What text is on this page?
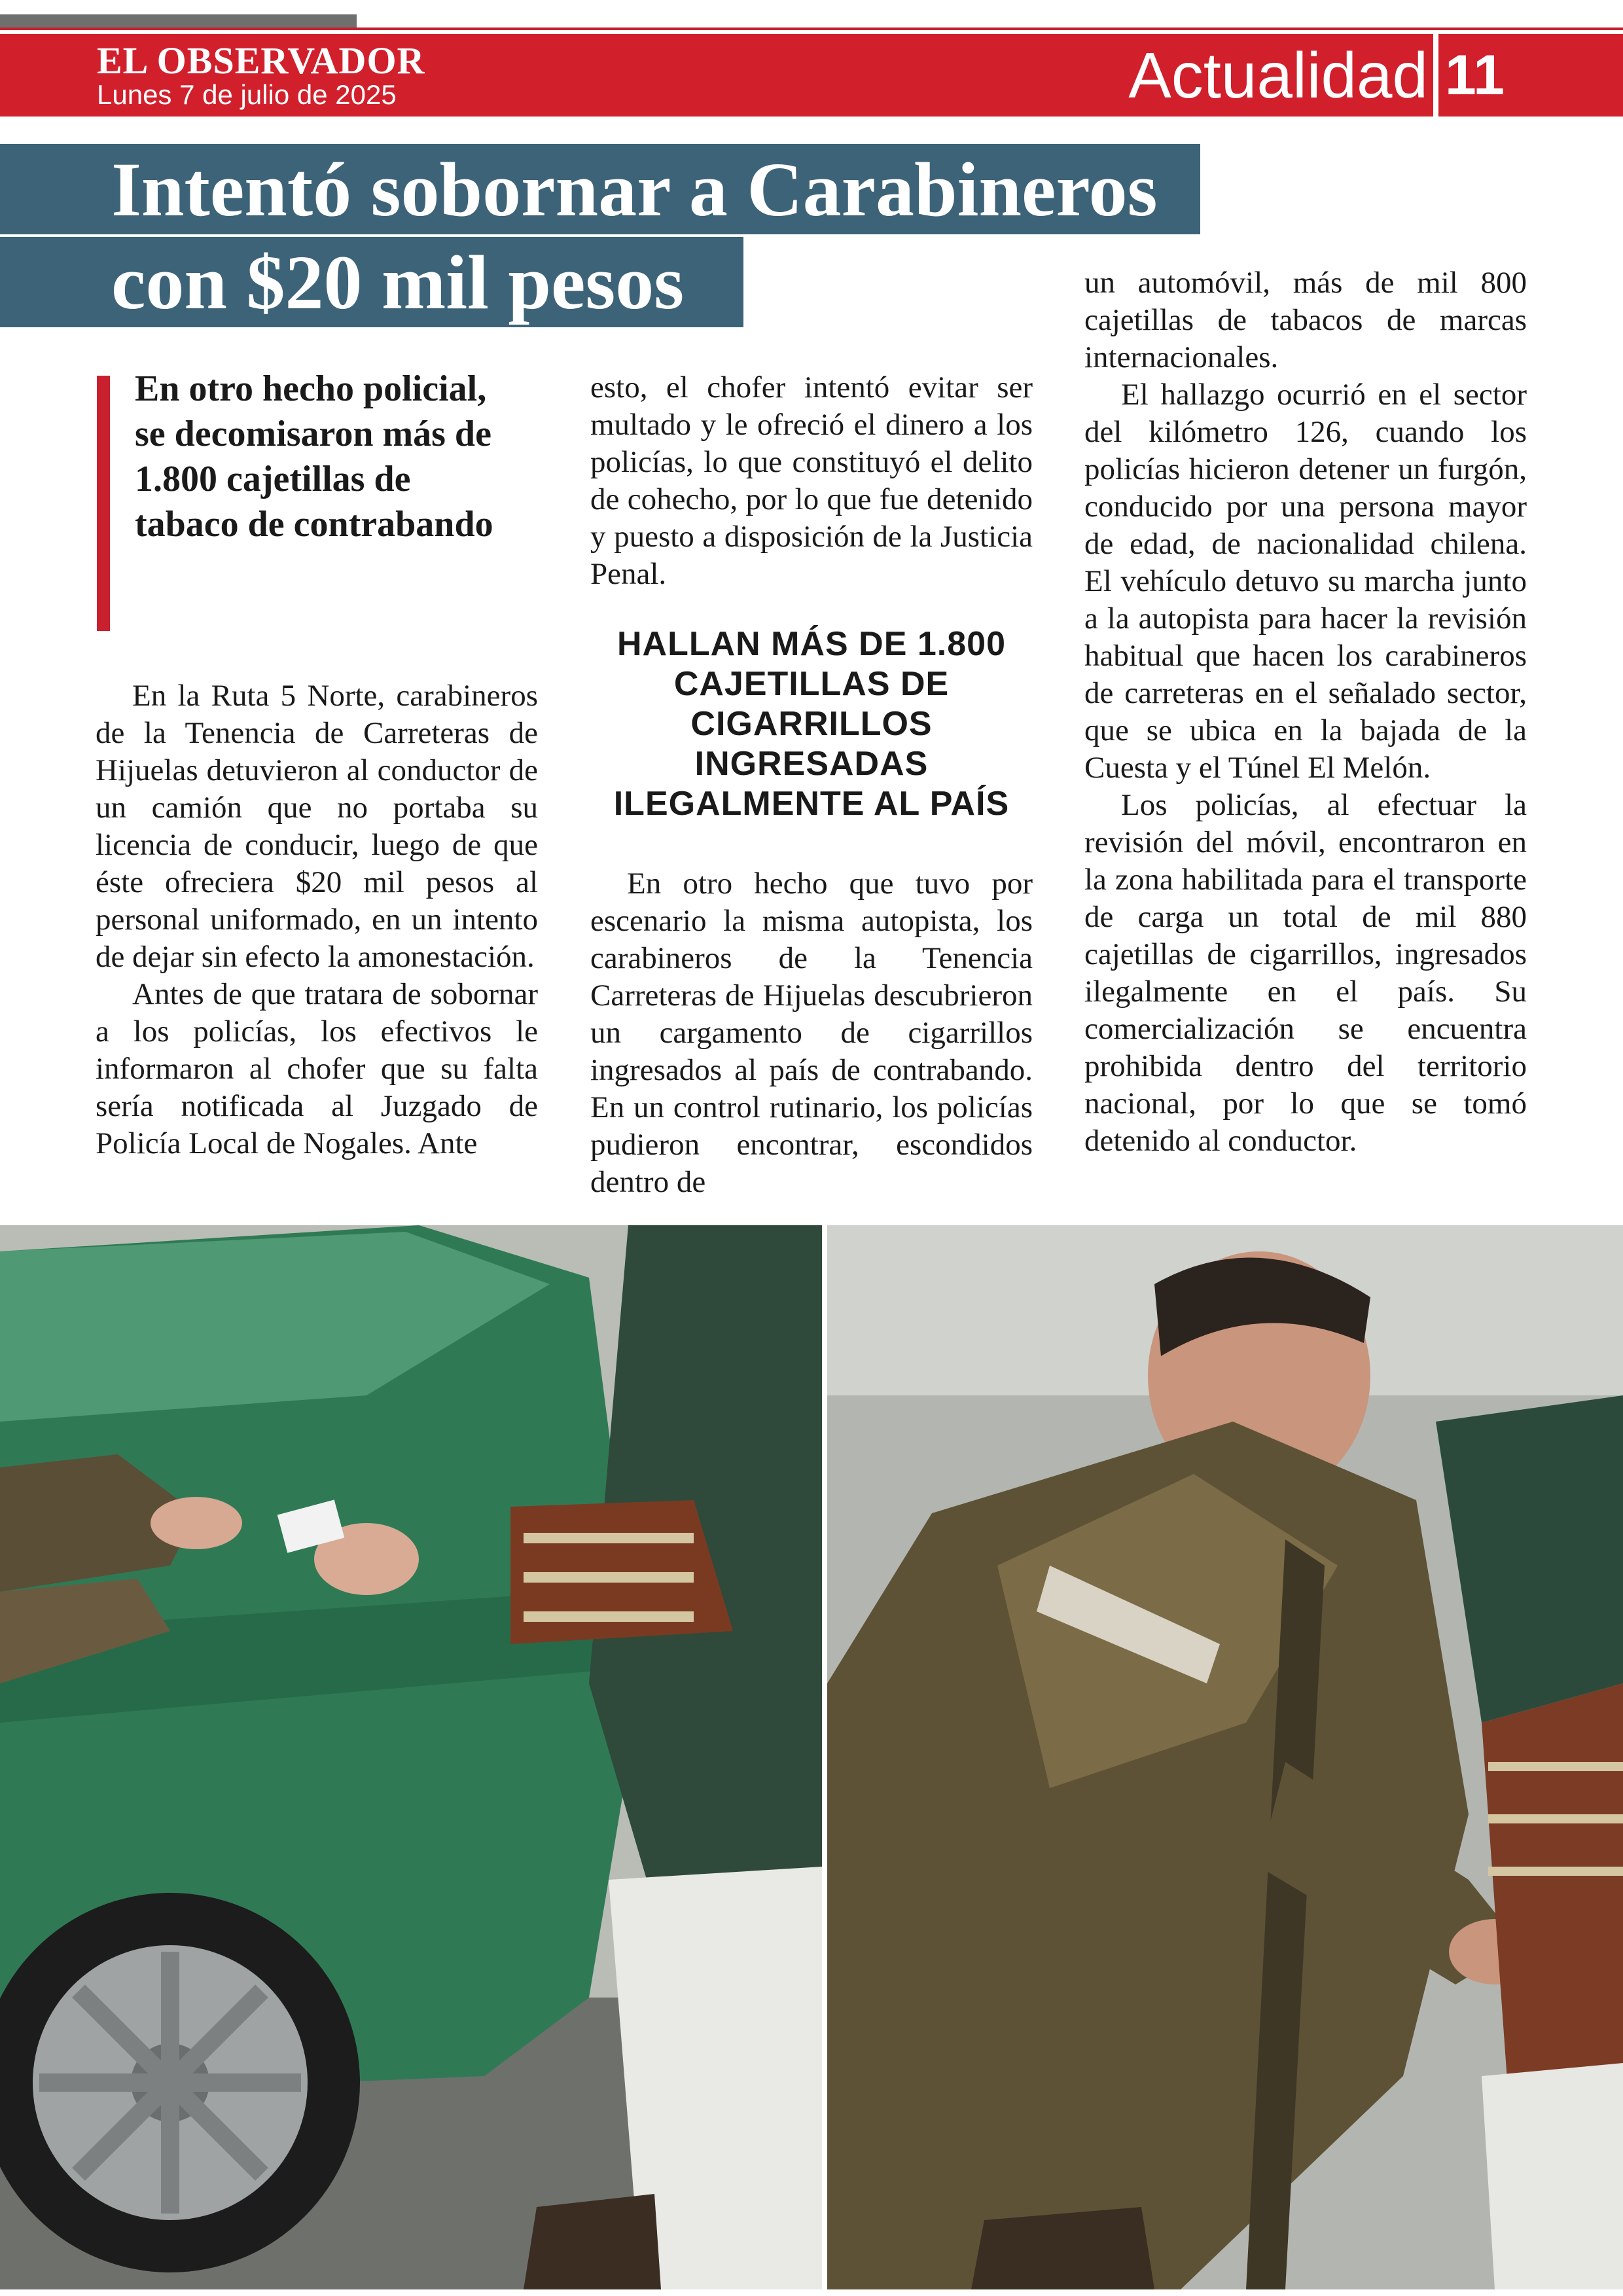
EL OBSERVADOR
Lunes 7 de julio de 2025	Actualidad 11
Intentó sobornar a Carabineros
con $20 mil pesos
En otro hecho policial, se decomisaron más de 1.800 cajetillas de tabaco de contrabando

En la Ruta 5 Norte, carabineros de la Tenencia de Carreteras de Hijuelas detuvieron al conductor de un camión que no portaba su licencia de conducir, luego de que éste ofreciera $20 mil pesos al personal uniformado, en un intento de dejar sin efecto la amonestación.

Antes de que tratara de sobornar a los policías, los efectivos le informaron al chofer que su falta sería notificada al Juzgado de Policía Local de Nogales. Ante

esto, el chofer intentó evitar ser multado y le ofreció el dinero a los policías, lo que constituyó el delito de cohecho, por lo que fue detenido y puesto a disposición de la Justicia Penal.

HALLAN MÁS DE 1.800 CAJETILLAS DE CIGARRILLOS INGRESADAS ILEGALMENTE AL PAÍS

En otro hecho que tuvo por escenario la misma autopista, los carabineros de la Tenencia Carreteras de Hijuelas descubrieron un cargamento de cigarrillos ingresados al país de contrabando. En un control rutinario, los policías pudieron encontrar, escondidos dentro de

un automóvil, más de mil 800 cajetillas de tabacos de marcas internacionales.

El hallazgo ocurrió en el sector del kilómetro 126, cuando los policías hicieron detener un furgón, conducido por una persona mayor de edad, de nacionalidad chilena. El vehículo detuvo su marcha junto a la autopista para hacer la revisión habitual que hacen los carabineros de carreteras en el señalado sector, que se ubica en la bajada de la Cuesta y el Túnel El Melón.

Los policías, al efectuar la revisión del móvil, encontraron en la zona habilitada para el transporte de carga un total de mil 880 cajetillas de cigarrillos, ingresados ilegalmente en el país. Su comercialización se encuentra prohibida dentro del territorio nacional, por lo que se tomó detenido al conductor.
